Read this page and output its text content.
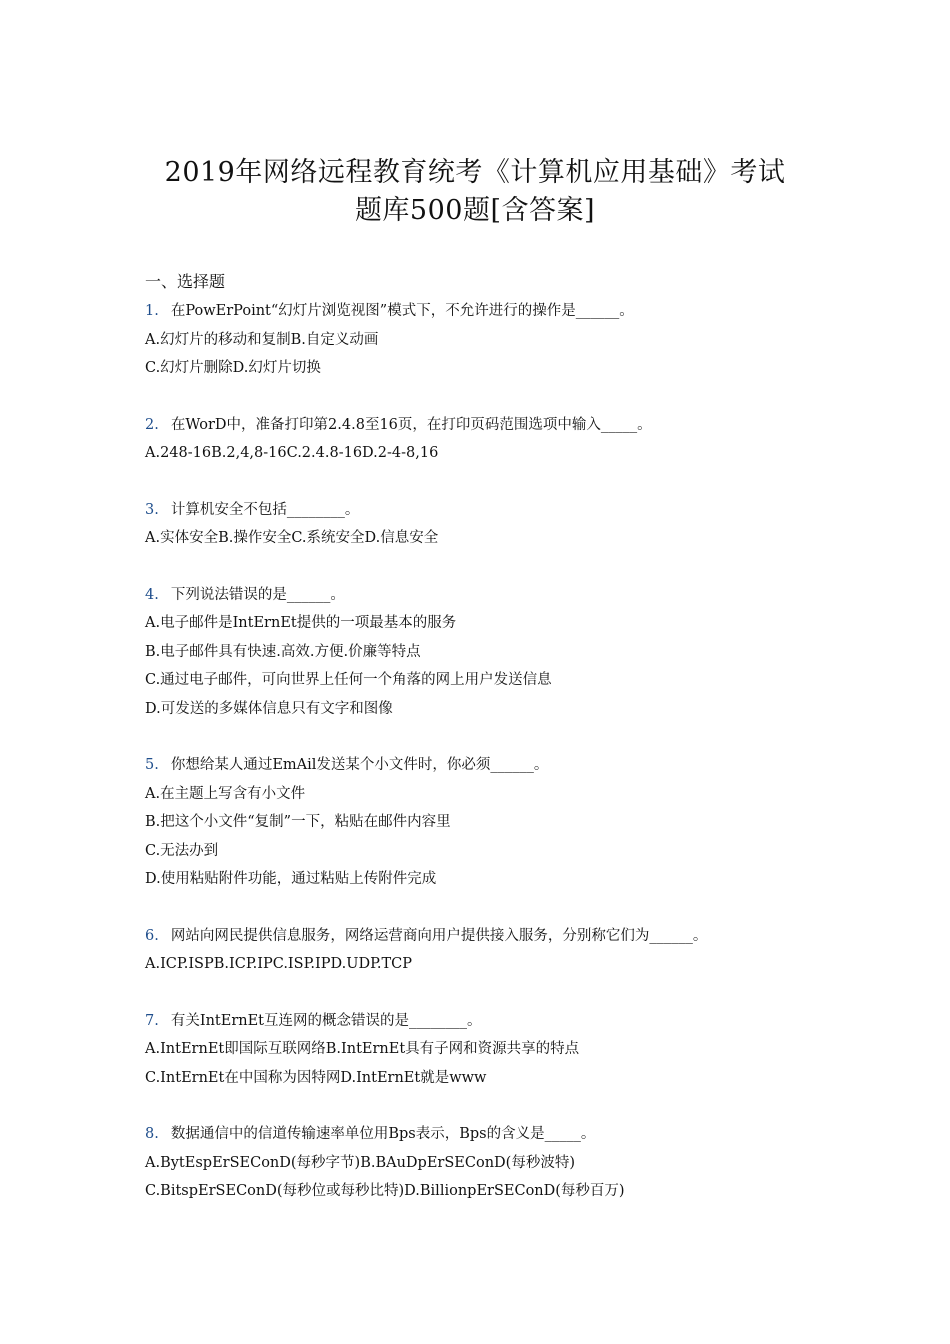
2019年网络远程教育统考《计算机应用基础》考试
题库500题[含答案]
一、选择题
1. 在PowErPoint“幻灯片浏览视图”模式下，不允许进行的操作是______。
A.幻灯片的移动和复制B.自定义动画
C.幻灯片删除D.幻灯片切换
2. 在WorD中，准备打印第2.4.8至16页，在打印页码范围选项中输入_____。
A.248-16B.2,4,8-16C.2.4.8-16D.2-4-8,16
3. 计算机安全不包括________。
A.实体安全B.操作安全C.系统安全D.信息安全
4. 下列说法错误的是______。
A.电子邮件是IntErnEt提供的一项最基本的服务
B.电子邮件具有快速.高效.方便.价廉等特点
C.通过电子邮件，可向世界上任何一个角落的网上用户发送信息
D.可发送的多媒体信息只有文字和图像
5. 你想给某人通过EmAil发送某个小文件时，你必须______。
A.在主题上写含有小文件
B.把这个小文件“复制”一下，粘贴在邮件内容里
C.无法办到
D.使用粘贴附件功能，通过粘贴上传附件完成
6. 网站向网民提供信息服务，网络运营商向用户提供接入服务，分别称它们为______。
A.ICP.ISPB.ICP.IPC.ISP.IPD.UDP.TCP
7. 有关IntErnEt互连网的概念错误的是________。
A.IntErnEt即国际互联网络B.IntErnEt具有子网和资源共享的特点
C.IntErnEt在中国称为因特网D.IntErnEt就是www
8. 数据通信中的信道传输速率单位用Bps表示，Bps的含义是_____。
A.BytEspErSEConD(每秒字节)B.BAuDpErSEConD(每秒波特)
C.BitspErSEConD(每秒位或每秒比特)D.BillionpErSEConD(每秒百万)
